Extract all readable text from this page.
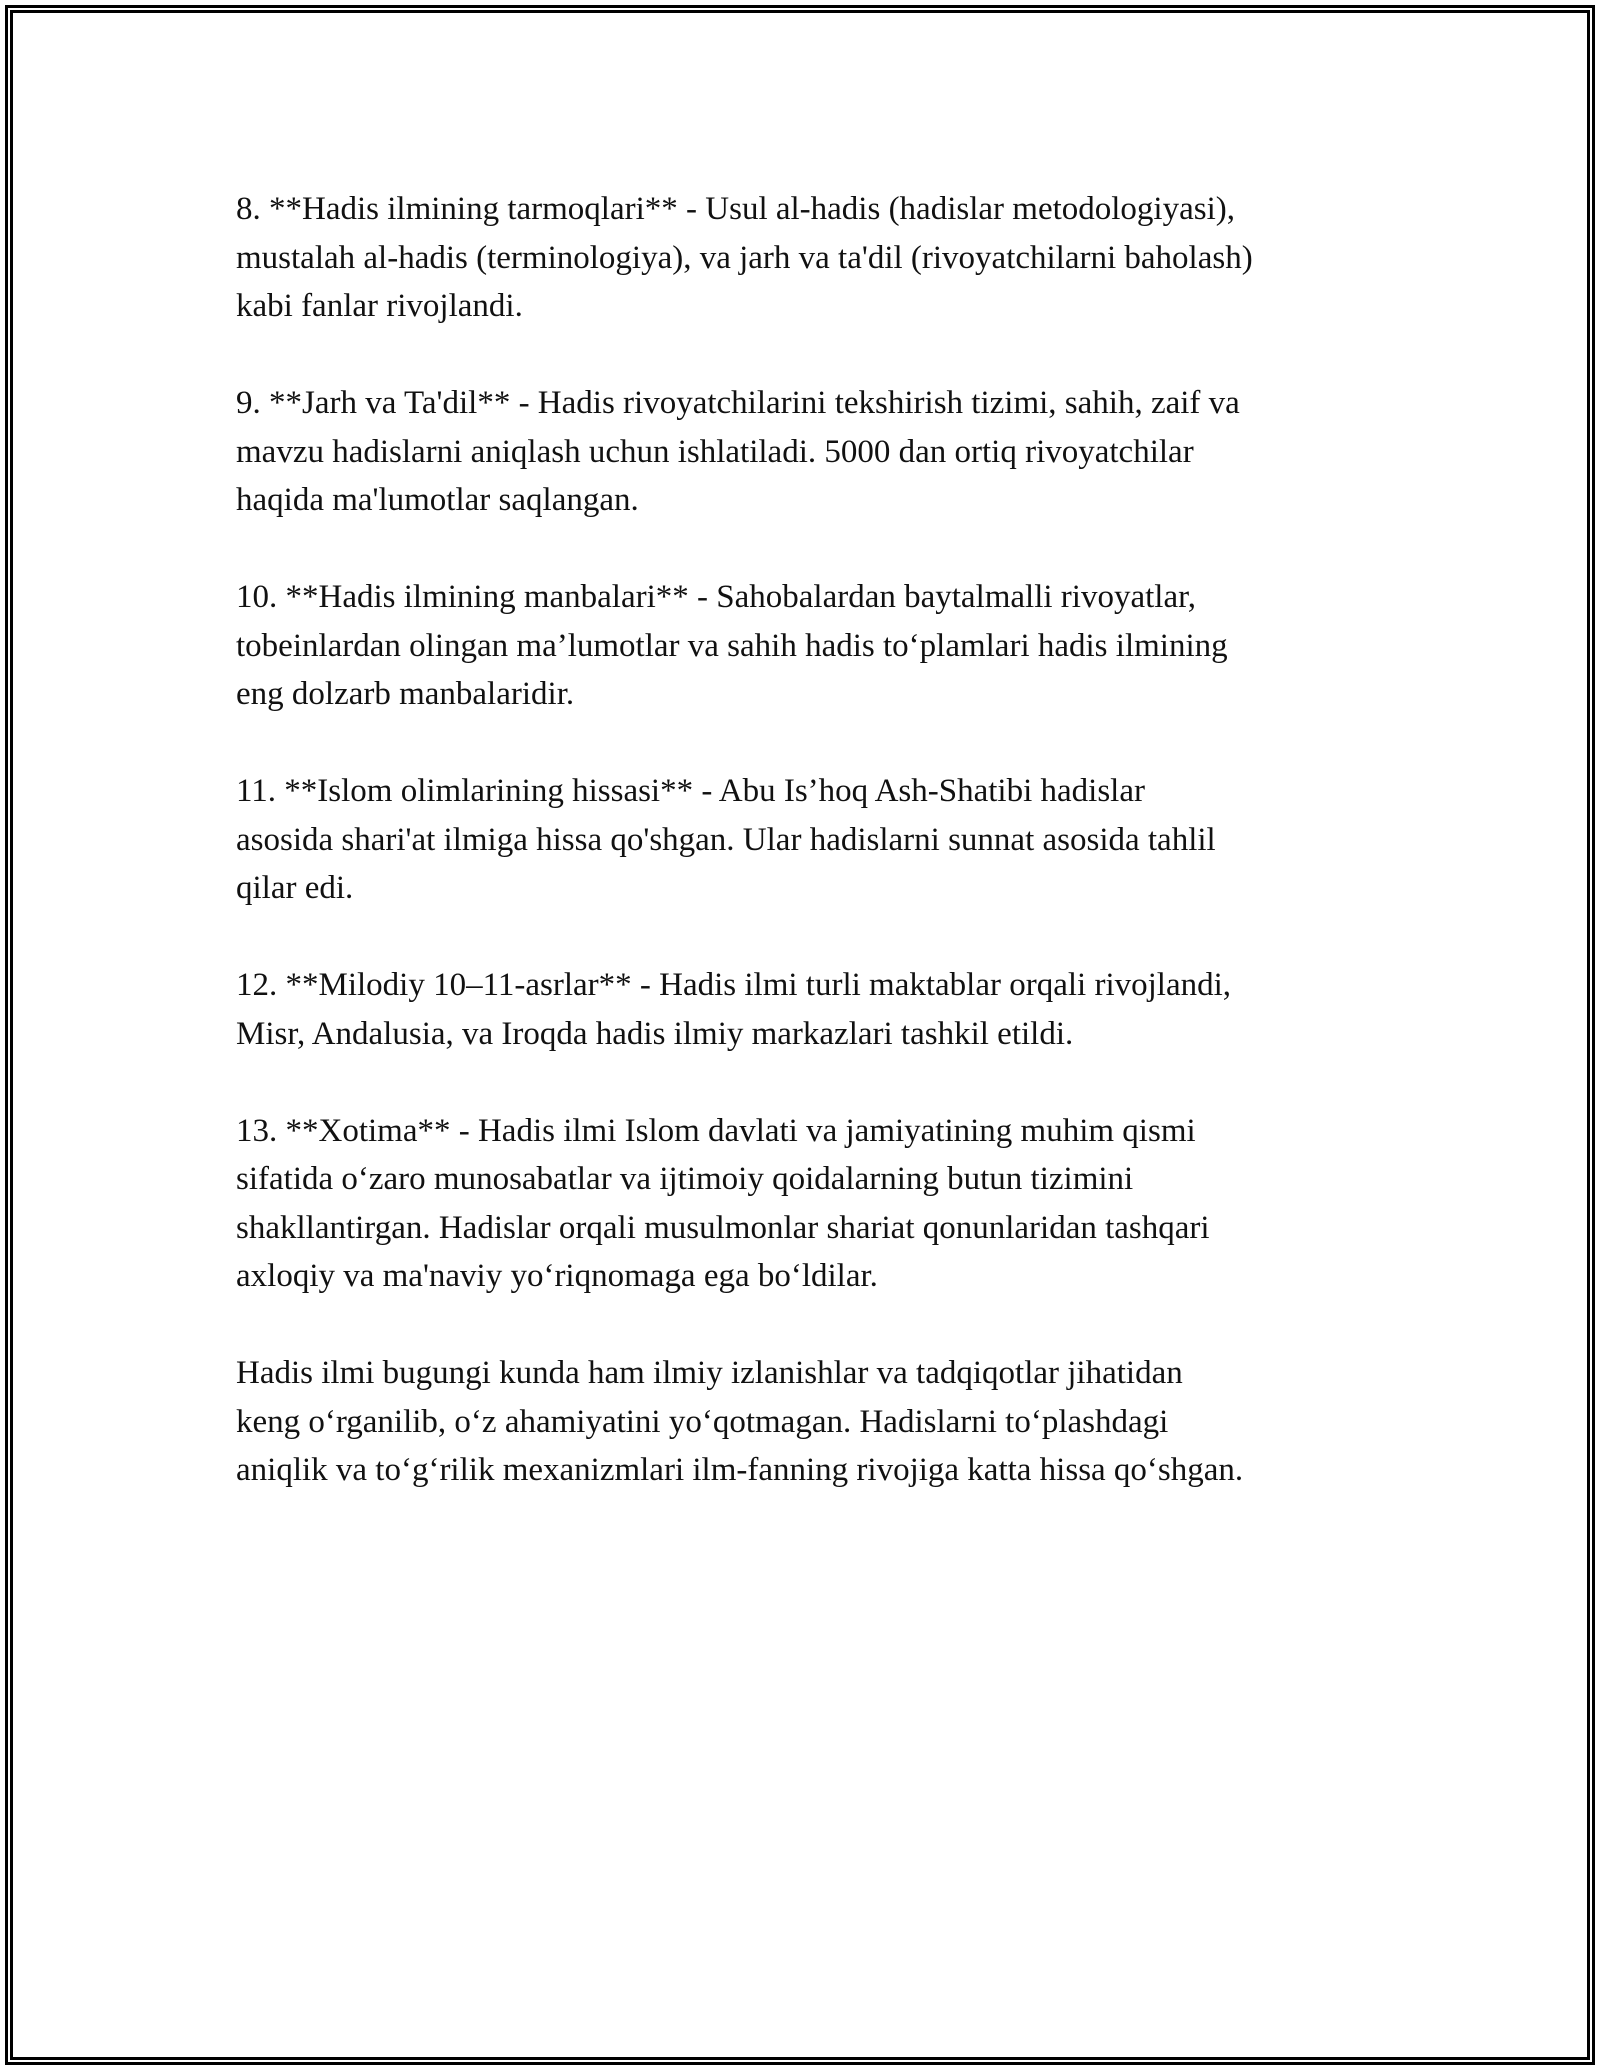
8. **Hadis ilmining tarmoqlari** - Usul al-hadis (hadislar metodologiyasi),
mustalah al-hadis (terminologiya), va jarh va ta'dil (rivoyatchilarni baholash)
kabi fanlar rivojlandi.

9. **Jarh va Ta'dil** - Hadis rivoyatchilarini tekshirish tizimi, sahih, zaif va
mavzu hadislarni aniqlash uchun ishlatiladi. 5000 dan ortiq rivoyatchilar
haqida ma'lumotlar saqlangan.

10. **Hadis ilmining manbalari** - Sahobalardan baytalmalli rivoyatlar,
tobeinlardan olingan ma’lumotlar va sahih hadis to‘plamlari hadis ilmining
eng dolzarb manbalaridir.

11. **Islom olimlarining hissasi** - Abu Is’hoq Ash-Shatibi hadislar
asosida shari'at ilmiga hissa qo'shgan. Ular hadislarni sunnat asosida tahlil
qilar edi.

12. **Milodiy 10–11-asrlar** - Hadis ilmi turli maktablar orqali rivojlandi,
Misr, Andalusia, va Iroqda hadis ilmiy markazlari tashkil etildi.

13. **Xotima** - Hadis ilmi Islom davlati va jamiyatining muhim qismi
sifatida o‘zaro munosabatlar va ijtimoiy qoidalarning butun tizimini
shakllantirgan. Hadislar orqali musulmonlar shariat qonunlaridan tashqari
axloqiy va ma'naviy yo‘riqnomaga ega bo‘ldilar.

Hadis ilmi bugungi kunda ham ilmiy izlanishlar va tadqiqotlar jihatidan
keng o‘rganilib, o‘z ahamiyatini yo‘qotmagan. Hadislarni to‘plashdagi
aniqlik va to‘g‘rilik mexanizmlari ilm-fanning rivojiga katta hissa qo‘shgan.
